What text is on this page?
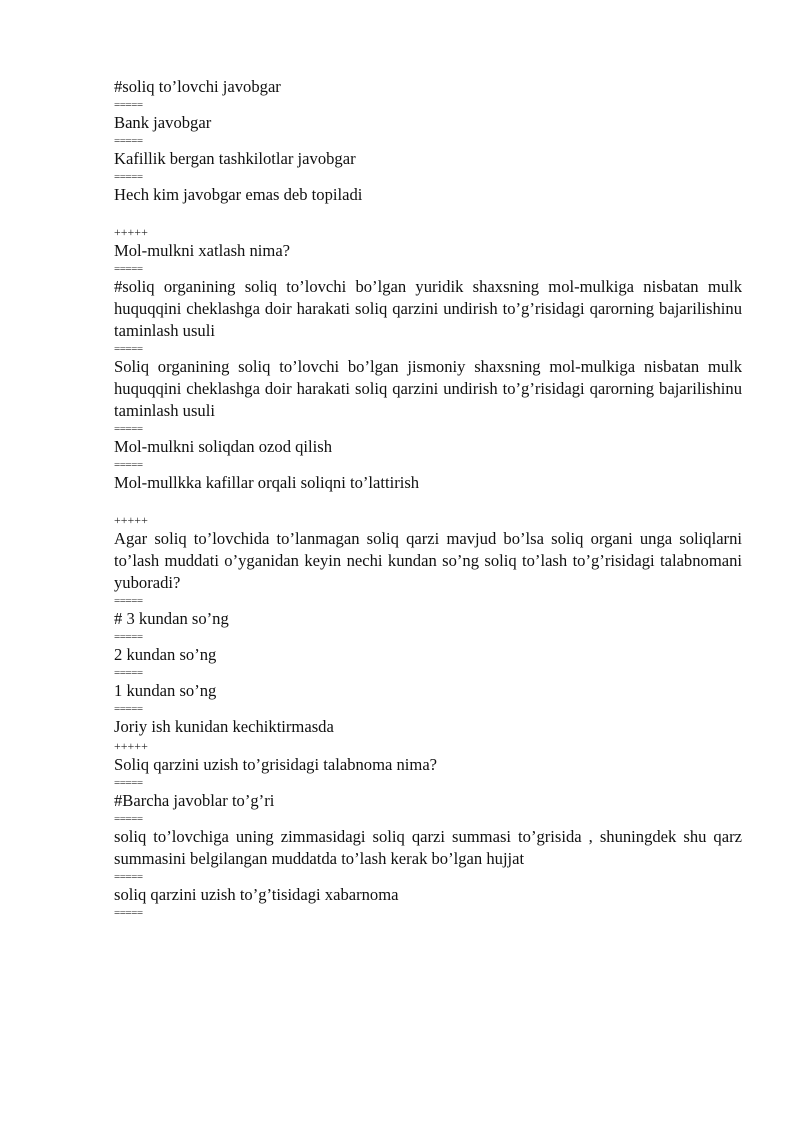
#soliq to’lovchi javobgar
=====
Bank javobgar
=====
Kafillik bergan tashkilotlar javobgar
=====
Hech kim javobgar emas deb topiladi
+++++
Mol-mulkni xatlash nima?
=====
#soliq organining soliq to’lovchi bo’lgan yuridik shaxsning mol-mulkiga nisbatan mulk huquqqini cheklashga doir harakati soliq qarzini undirish to’g’risidagi qarorning bajarilishinu taminlash usuli
=====
Soliq organining soliq to’lovchi bo’lgan jismoniy shaxsning mol-mulkiga nisbatan mulk huquqqini cheklashga doir harakati soliq qarzini undirish to’g’risidagi qarorning bajarilishinu taminlash usuli
=====
Mol-mulkni soliqdan ozod qilish
=====
Mol-mullkka kafillar orqali soliqni to’lattirish
+++++
Agar soliq to’lovchida to’lanmagan soliq qarzi mavjud bo’lsa soliq organi unga soliqlarni to’lash muddati o’yganidan keyin nechi kundan so’ng soliq to’lash to’g’risidagi talabnomani yuboradi?
=====
# 3 kundan so’ng
=====
2 kundan so’ng
=====
1 kundan so’ng
=====
Joriy ish kunidan kechiktirmasda
+++++
Soliq qarzini uzish to’grisidagi talabnoma nima?
=====
#Barcha javoblar to’g’ri
=====
soliq to’lovchiga uning zimmasidagi soliq qarzi summasi to’grisida , shuningdek shu qarz summasini belgilangan muddatda to’lash kerak bo’lgan hujjat
=====
soliq qarzini uzish to’g’tisidagi xabarnoma
=====
